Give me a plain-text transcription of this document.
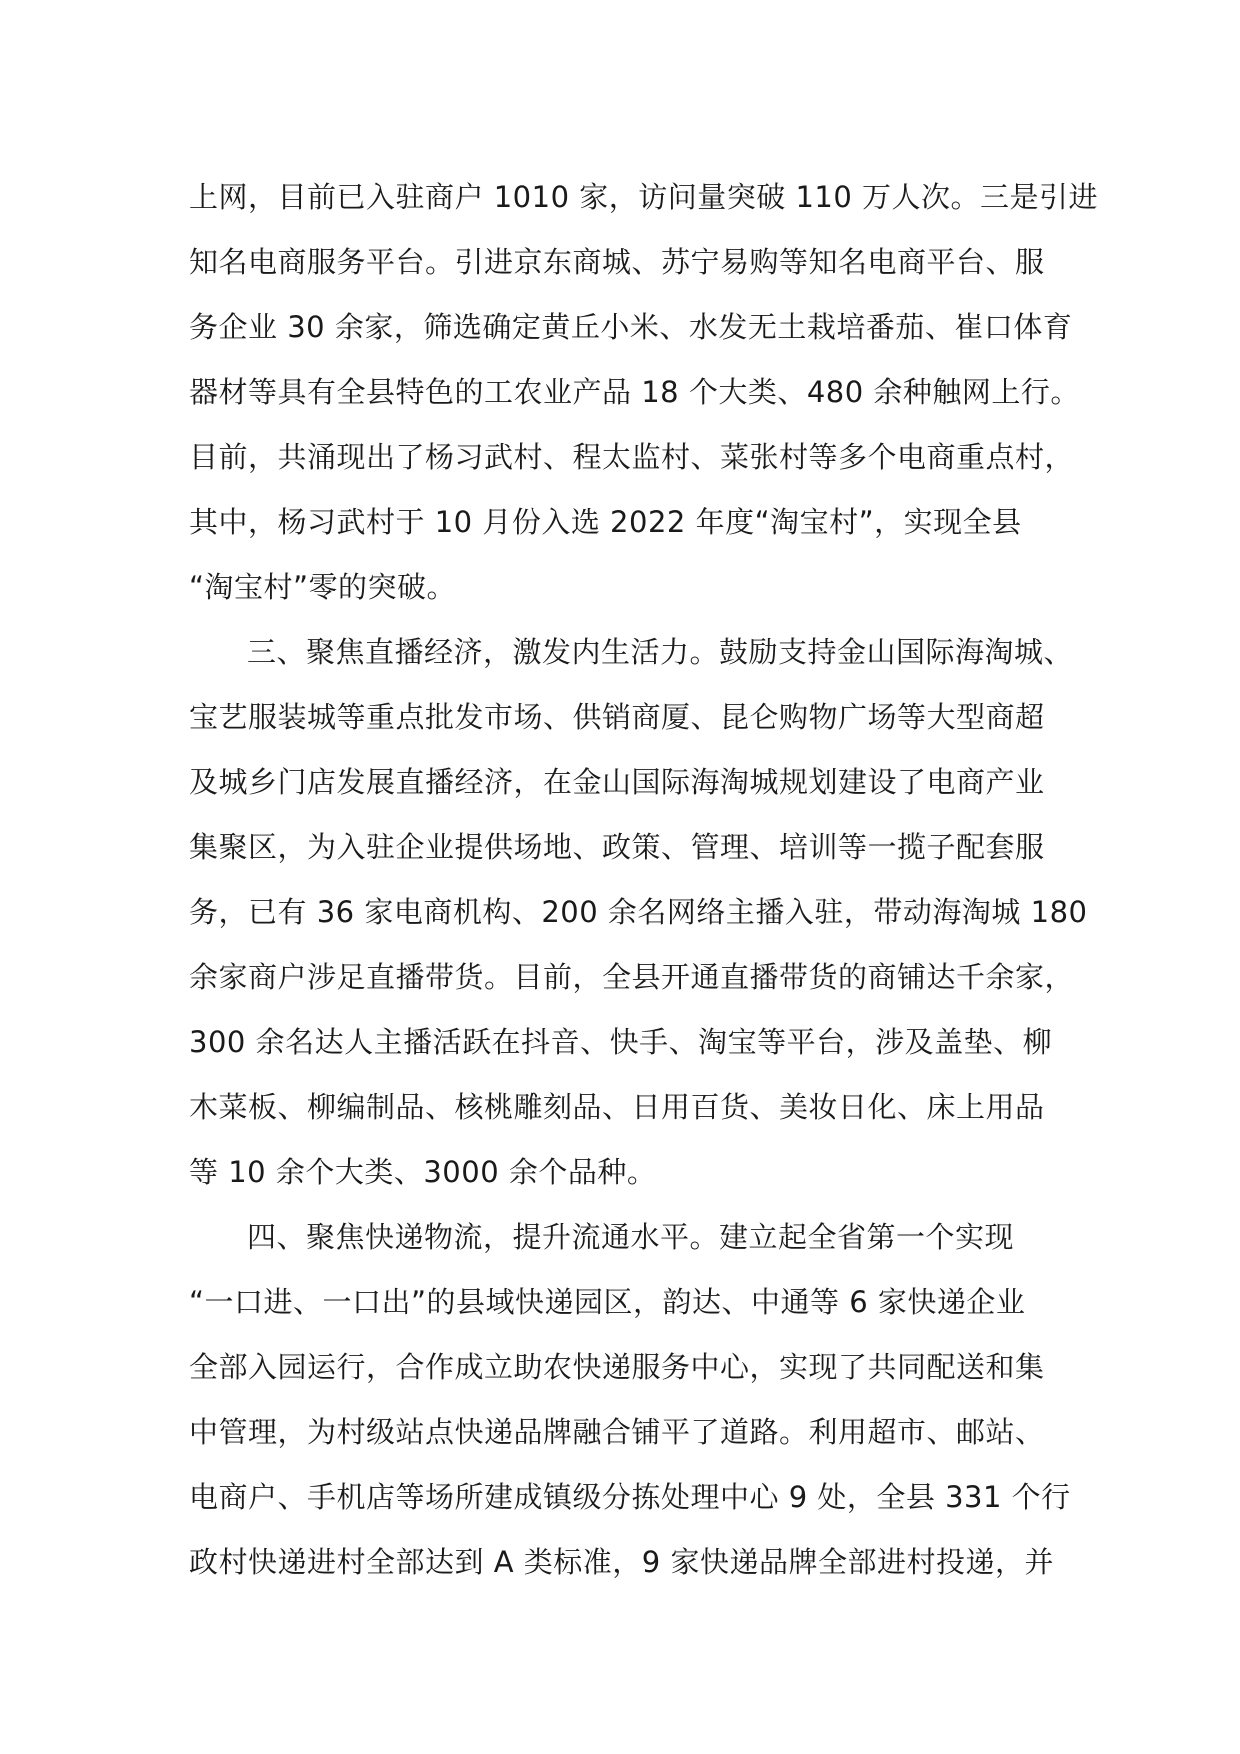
上网，目前已入驻商户 1010 家，访问量突破 110 万人次。三是引进
知名电商服务平台。引进京东商城、苏宁易购等知名电商平台、服
务企业 30 余家，筛选确定黄丘小米、水发无土栽培番茄、崔口体育
器材等具有全县特色的工农业产品 18 个大类、480 余种触网上行。
目前，共涌现出了杨习武村、程太监村、菜张村等多个电商重点村，
其中，杨习武村于 10 月份入选 2022 年度“淘宝村”，实现全县
“淘宝村”零的突破。
三、聚焦直播经济，激发内生活力。鼓励支持金山国际海淘城、
宝艺服装城等重点批发市场、供销商厦、昆仑购物广场等大型商超
及城乡门店发展直播经济，在金山国际海淘城规划建设了电商产业
集聚区，为入驻企业提供场地、政策、管理、培训等一揽子配套服
务，已有 36 家电商机构、200 余名网络主播入驻，带动海淘城 180
余家商户涉足直播带货。目前，全县开通直播带货的商铺达千余家，
300 余名达人主播活跃在抖音、快手、淘宝等平台，涉及盖垫、柳
木菜板、柳编制品、核桃雕刻品、日用百货、美妆日化、床上用品
等 10 余个大类、3000 余个品种。
四、聚焦快递物流，提升流通水平。建立起全省第一个实现
“一口进、一口出”的县域快递园区，韵达、中通等 6 家快递企业
全部入园运行，合作成立助农快递服务中心，实现了共同配送和集
中管理，为村级站点快递品牌融合铺平了道路。利用超市、邮站、
电商户、手机店等场所建成镇级分拣处理中心 9 处，全县 331 个行
政村快递进村全部达到 A 类标准，9 家快递品牌全部进村投递，并
